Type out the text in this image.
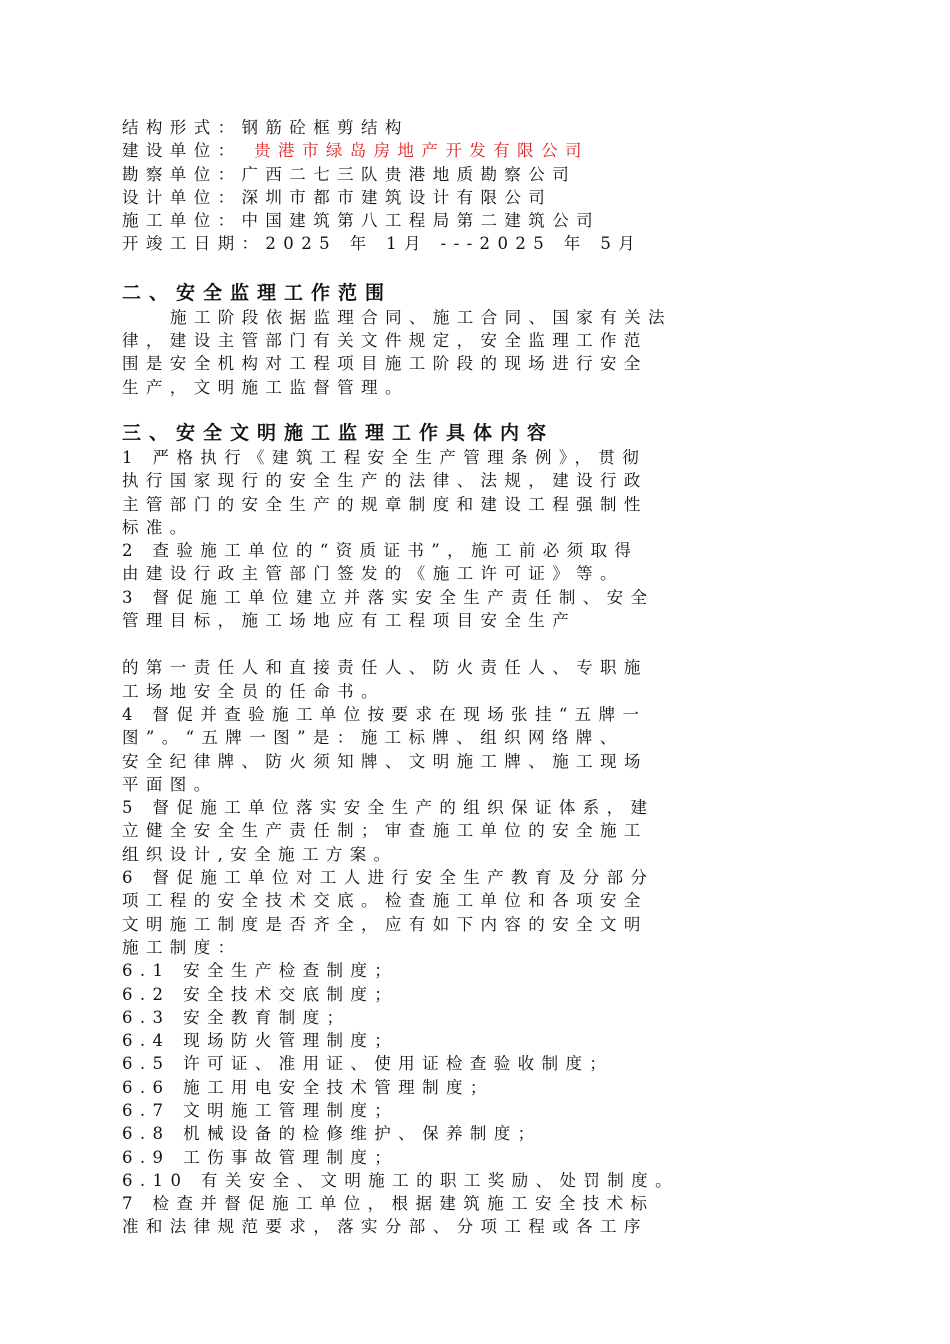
结构形式：钢筋砼框剪结构
建设单位： 贵港市绿岛房地产开发有限公司
勘察单位：广西二七三队贵港地质勘察公司
设计单位：深圳市都市建筑设计有限公司
施工单位：中国建筑第八工程局第二建筑公司
开竣工日期：2025 年 1月 ---2025 年 5月
二、安全监理工作范围
施工阶段依据监理合同、施工合同、国家有关法
律，建设主管部门有关文件规定，安全监理工作范
围是安全机构对工程项目施工阶段的现场进行安全
生产，文明施工监督管理。
三、安全文明施工监理工作具体内容
1 严格执行《建筑工程安全生产管理条例》，贯彻
执行国家现行的安全生产的法律、法规，建设行政
主管部门的安全生产的规章制度和建设工程强制性
标准。
2 查验施工单位的“资质证书”，施工前必须取得
由建设行政主管部门签发的《施工许可证》等。
3 督促施工单位建立并落实安全生产责任制、安全
管理目标，施工场地应有工程项目安全生产
的第一责任人和直接责任人、防火责任人、专职施
工场地安全员的任命书。
4 督促并查验施工单位按要求在现场张挂“五牌一
图”。“五牌一图”是：施工标牌、组织网络牌、
安全纪律牌、防火须知牌、文明施工牌、施工现场
平面图。
5 督促施工单位落实安全生产的组织保证体系，建
立健全安全生产责任制；审查施工单位的安全施工
组织设计,安全施工方案。
6 督促施工单位对工人进行安全生产教育及分部分
项工程的安全技术交底。检查施工单位和各项安全
文明施工制度是否齐全，应有如下内容的安全文明
施工制度：
6.1 安全生产检查制度；
6.2 安全技术交底制度；
6.3 安全教育制度；
6.4 现场防火管理制度；
6.5 许可证、准用证、使用证检查验收制度；
6.6 施工用电安全技术管理制度；
6.7 文明施工管理制度；
6.8 机械设备的检修维护、保养制度；
6.9 工伤事故管理制度；
6.10 有关安全、文明施工的职工奖励、处罚制度。
7 检查并督促施工单位，根据建筑施工安全技术标
准和法律规范要求，落实分部、分项工程或各工序
